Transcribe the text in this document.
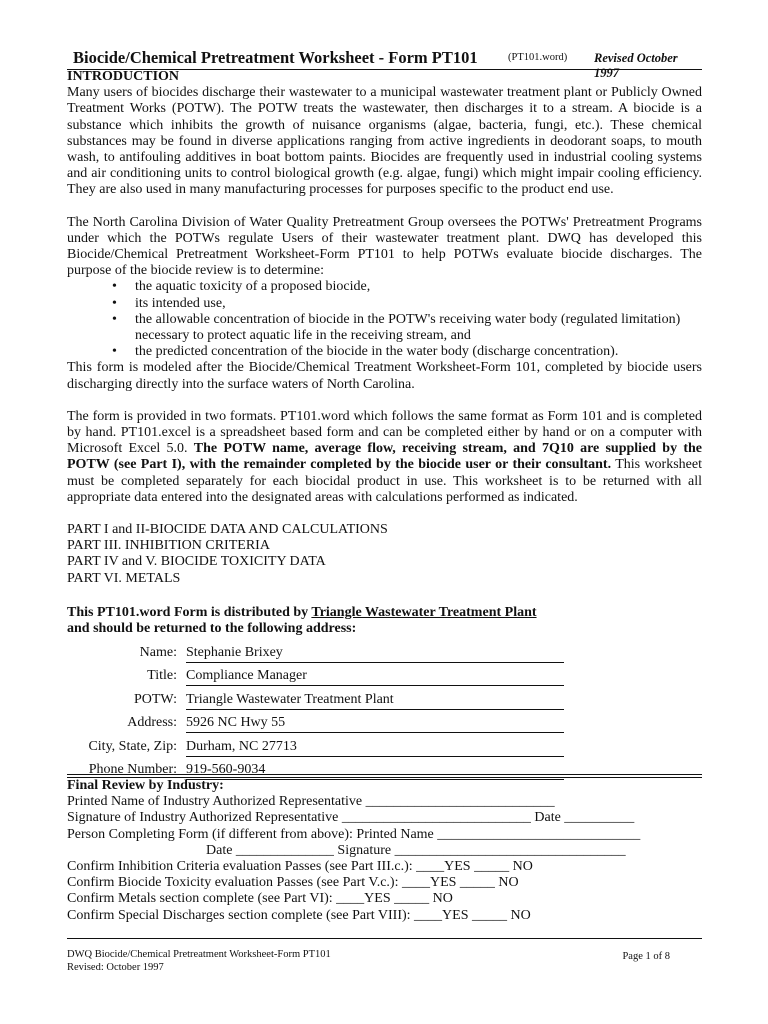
Biocide/Chemical Pretreatment Worksheet - Form PT101	(PT101.word) Revised October 1997

INTRODUCTION

Many users of biocides discharge their wastewater to a municipal wastewater treatment plant or Publicly Owned Treatment Works (POTW). The POTW treats the wastewater, then discharges it to a stream. A biocide is a substance which inhibits the growth of nuisance organisms (algae, bacteria, fungi, etc.). These chemical substances may be found in diverse applications ranging from active ingredients in deodorant soaps, to mouth wash, to antifouling additives in boat bottom paints. Biocides are frequently used in industrial cooling systems and air conditioning units to control biological growth (e.g. algae, fungi) which might impair cooling efficiency. They are also used in many manufacturing processes for purposes specific to the product end use.

The North Carolina Division of Water Quality Pretreatment Group oversees the POTWs' Pretreatment Programs under which the POTWs regulate Users of their wastewater treatment plant. DWQ has developed this Biocide/Chemical Pretreatment Worksheet-Form PT101 to help POTWs evaluate biocide discharges. The purpose of the biocide review is to determine:

• the aquatic toxicity of a proposed biocide,
• its intended use,
• the allowable concentration of biocide in the POTW's receiving water body (regulated limitation) necessary to protect aquatic life in the receiving stream, and
• the predicted concentration of the biocide in the water body (discharge concentration).

This form is modeled after the Biocide/Chemical Treatment Worksheet-Form 101, completed by biocide users discharging directly into the surface waters of North Carolina.

The form is provided in two formats. PT101.word which follows the same format as Form 101 and is completed by hand. PT101.excel is a spreadsheet based form and can be completed either by hand or on a computer with Microsoft Excel 5.0. The POTW name, average flow, receiving stream, and 7Q10 are supplied by the POTW (see Part I), with the remainder completed by the biocide user or their consultant. This worksheet must be completed separately for each biocidal product in use. This worksheet is to be returned with all appropriate data entered into the designated areas with calculations performed as indicated.

PART I and II-BIOCIDE DATA AND CALCULATIONS
PART III. INHIBITION CRITERIA
PART IV and V. BIOCIDE TOXICITY DATA
PART VI. METALS
This PT101.word Form is distributed by Triangle Wastewater Treatment Plant
and should be returned to the following address:
Name: Stephanie Brixey
Title: Compliance Manager
POTW: Triangle Wastewater Treatment Plant
Address: 5926 NC Hwy 55
City, State, Zip: Durham, NC 27713
Phone Number: 919-560-9034
Final Review by Industry:
Printed Name of Industry Authorized Representative ___________________________
Signature of Industry Authorized Representative ___________________________ Date __________
Person Completing Form (if different from above): Printed Name _____________________________
Date ______________ Signature _________________________________
Confirm Inhibition Criteria evaluation Passes (see Part III.c.): ____YES _____ NO
Confirm Biocide Toxicity evaluation Passes (see Part V.c.): ____YES _____ NO
Confirm Metals section complete (see Part VI): ____YES _____ NO
Confirm Special Discharges section complete (see Part VIII): ____YES _____ NO
DWQ Biocide/Chemical Pretreatment Worksheet-Form PT101
Revised: October 1997
Page 1 of 8
